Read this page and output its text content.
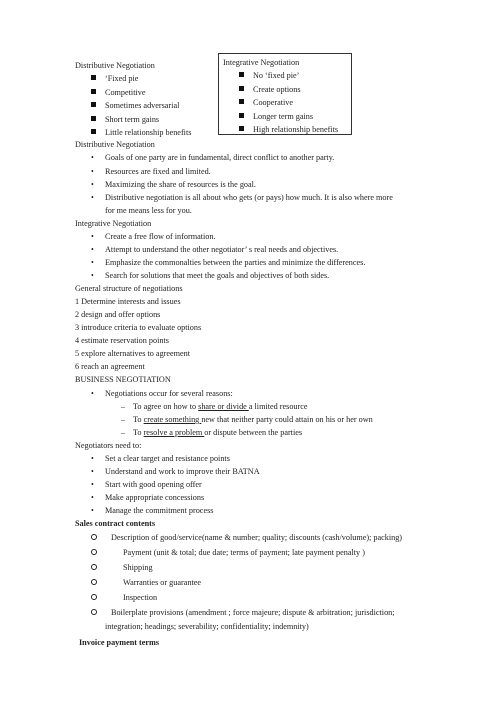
Distributive Negotiation
‘Fixed pie
Competitive
Sometimes adversarial
Short term gains
Little relationship benefits
Integrative Negotiation
No ‘fixed pie’
Create options
Cooperative
Longer term gains
High relationship benefits
Distributive Negotiation
• Goals of one party are in fundamental, direct conflict to another party.
• Resources are fixed and limited.
• Maximizing the share of resources is the goal.
• Distributive negotiation is all about who gets (or pays) how much. It is also where more
for me means less for you.
Integrative Negotiation
• Create a free flow of information.
• Attempt to understand the other negotiator’ s real needs and objectives.
• Emphasize the commonalties between the parties and minimize the differences.
• Search for solutions that meet the goals and objectives of both sides.
General structure of negotiations
1 Determine interests and issues
2 design and offer options
3 introduce criteria to evaluate options
4 estimate reservation points
5 explore alternatives to agreement
6 reach an agreement
BUSINESS NEGOTIATION
• Negotiations occur for several reasons:
– To agree on how to share or divide a limited resource
– To create something new that neither party could attain on his or her own
– To resolve a problem or dispute between the parties
Negotiators need to:
• Set a clear target and resistance points
• Understand and work to improve their BATNA
• Start with good opening offer
• Make appropriate concessions
• Manage the commitment process
Sales contract contents
Description of good/service(name & number; quality; discounts (cash/volume); packing)
Payment (unit & total; due date; terms of payment; late payment penalty )
Shipping
Warranties or guarantee
Inspection
Boilerplate provisions (amendment ; force majeure; dispute & arbitration; jurisdiction;
integration; headings; severability; confidentiality; indemnity)
Invoice payment terms
